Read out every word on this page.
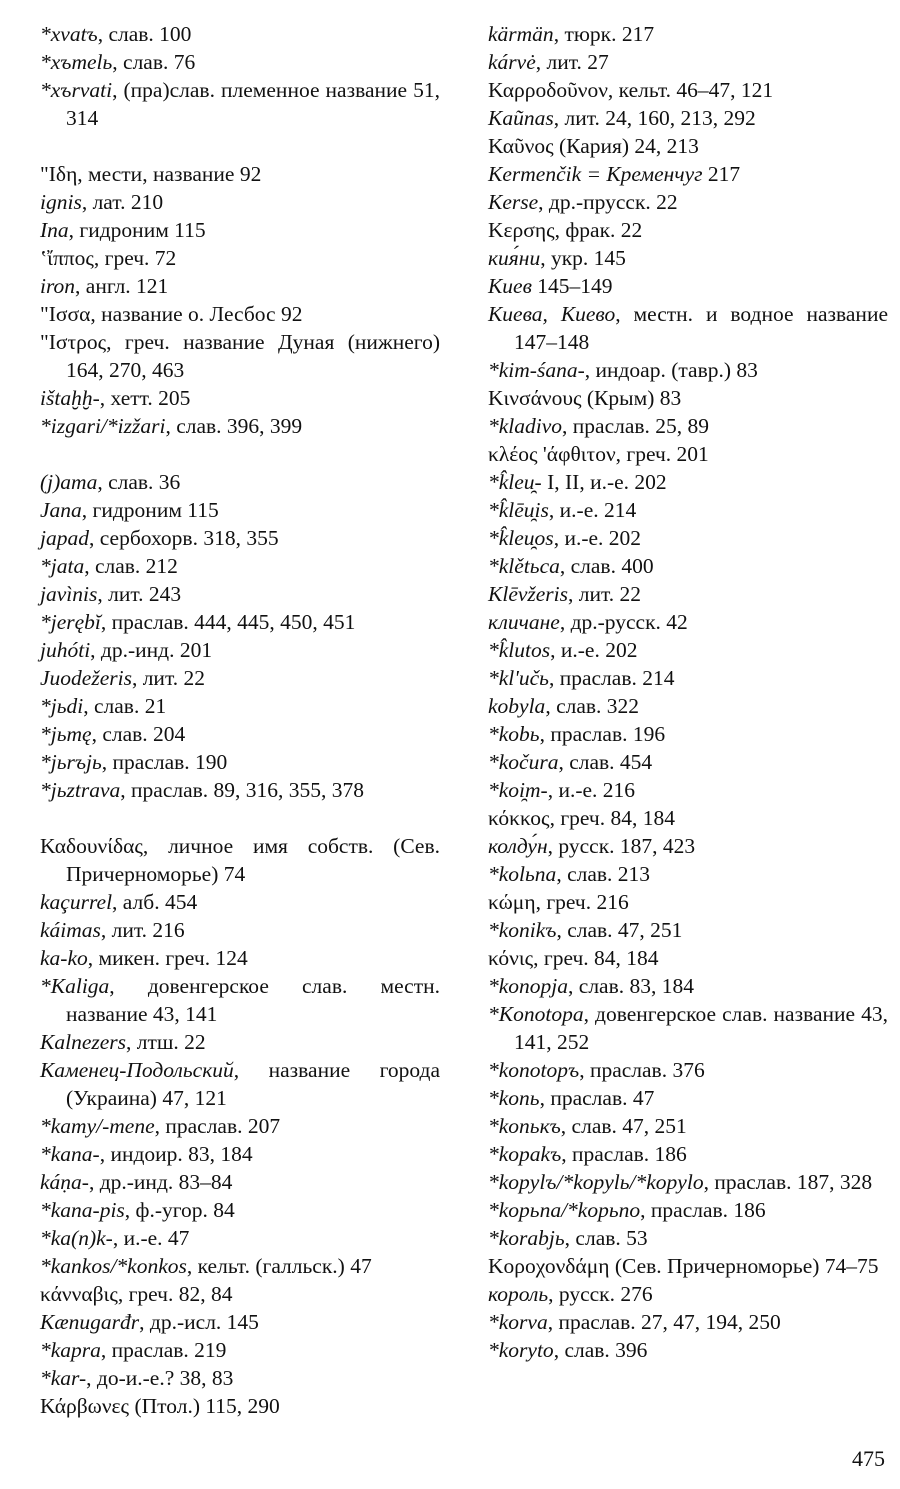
*xvatъ, слав. 100
*xъmelь, слав. 76
*xъrvati, (пра)слав. племенное название 51, 314
"Ιδη, мести, название 92
ignis, лат. 210
Ina, гидроним 115
ʽἴππος, греч. 72
iron, англ. 121
"Ισσα, название о. Лесбос 92
"Ιστρος, греч. название Дуная (нижнего) 164, 270, 463
ištaḫḫ-, хетт. 205
*izgari/*izžari, слав. 396, 399
(j)ama, слав. 36
Jana, гидроним 115
japad, сербохорв. 318, 355
*jata, слав. 212
javìnis, лит. 243
*jerębĭ, праслав. 444, 445, 450, 451
juhóti, др.-инд. 201
Juodežeris, лит. 22
*jьdi, слав. 21
*jьmę, слав. 204
*jьrъjь, праслав. 190
*jьztrava, праслав. 89, 316, 355, 378
Καδουνίδας, личное имя собств. (Сев. Причерноморье) 74
kaçurrel, алб. 454
káimas, лит. 216
ka-ko, микен. греч. 124
*Kaliga, довенгерское слав. местн. название 43, 141
Kalnezers, лтш. 22
Каменец-Подольский, название города (Украина) 47, 121
*kamy/-mene, праслав. 207
*kana-, индоир. 83, 184
káṇa-, др.-инд. 83–84
*kana-pis, ф.-угор. 84
*ka(n)k-, и.-е. 47
*kankos/*konkos, кельт. (галльск.) 47
κάνναβις, греч. 82, 84
Kænugarđr, др.-исл. 145
*kapra, праслав. 219
*kar-, до-и.-е.? 38, 83
Κάρβωνες (Птол.) 115, 290
kärmän, тюрк. 217
kárvė, лит. 27
Καρροδοῦνον, кельт. 46–47, 121
Kaũnas, лит. 24, 160, 213, 292
Καῦνος (Кария) 24, 213
Kermenčik = Кременчуг 217
Kerse, др.-прусск. 22
Κερσης, фрак. 22
кия́ни, укр. 145
Киев 145–149
Киева, Киево, местн. и водное название 147–148
*kim-śana-, индоар. (тавр.) 83
Κινσάνους (Крым) 83
*kladivo, праслав. 25, 89
κλέος 'άφθιτον, греч. 201
*k̂leu̯- I, II, и.-е. 202
*k̂lēu̯is, и.-е. 214
*k̂leu̯os, и.-е. 202
*klětьca, слав. 400
Klēvžeris, лит. 22
кличане, др.-русск. 42
*k̂lutos, и.-е. 202
*kl'učь, праслав. 214
kobyla, слав. 322
*kobь, праслав. 196
*kočura, слав. 454
*koi̯m-, и.-е. 216
κόκκος, греч. 84, 184
колду́н, русск. 187, 423
*kolьna, слав. 213
κώμη, греч. 216
*konikъ, слав. 47, 251
κόνις, греч. 84, 184
*konopja, слав. 83, 184
*Konotopa, довенгерское слав. название 43, 141, 252
*konotopъ, праслав. 376
*konь, праслав. 47
*konькъ, слав. 47, 251
*kopakъ, праслав. 186
*kopylъ/*kopylь/*kopylo, праслав. 187, 328
*kopьna/*kopьno, праслав. 186
*korabjь, слав. 53
Κοροχονδάμη (Сев. Причерноморье) 74–75
король, русск. 276
*korva, праслав. 27, 47, 194, 250
*koryto, слав. 396
475
